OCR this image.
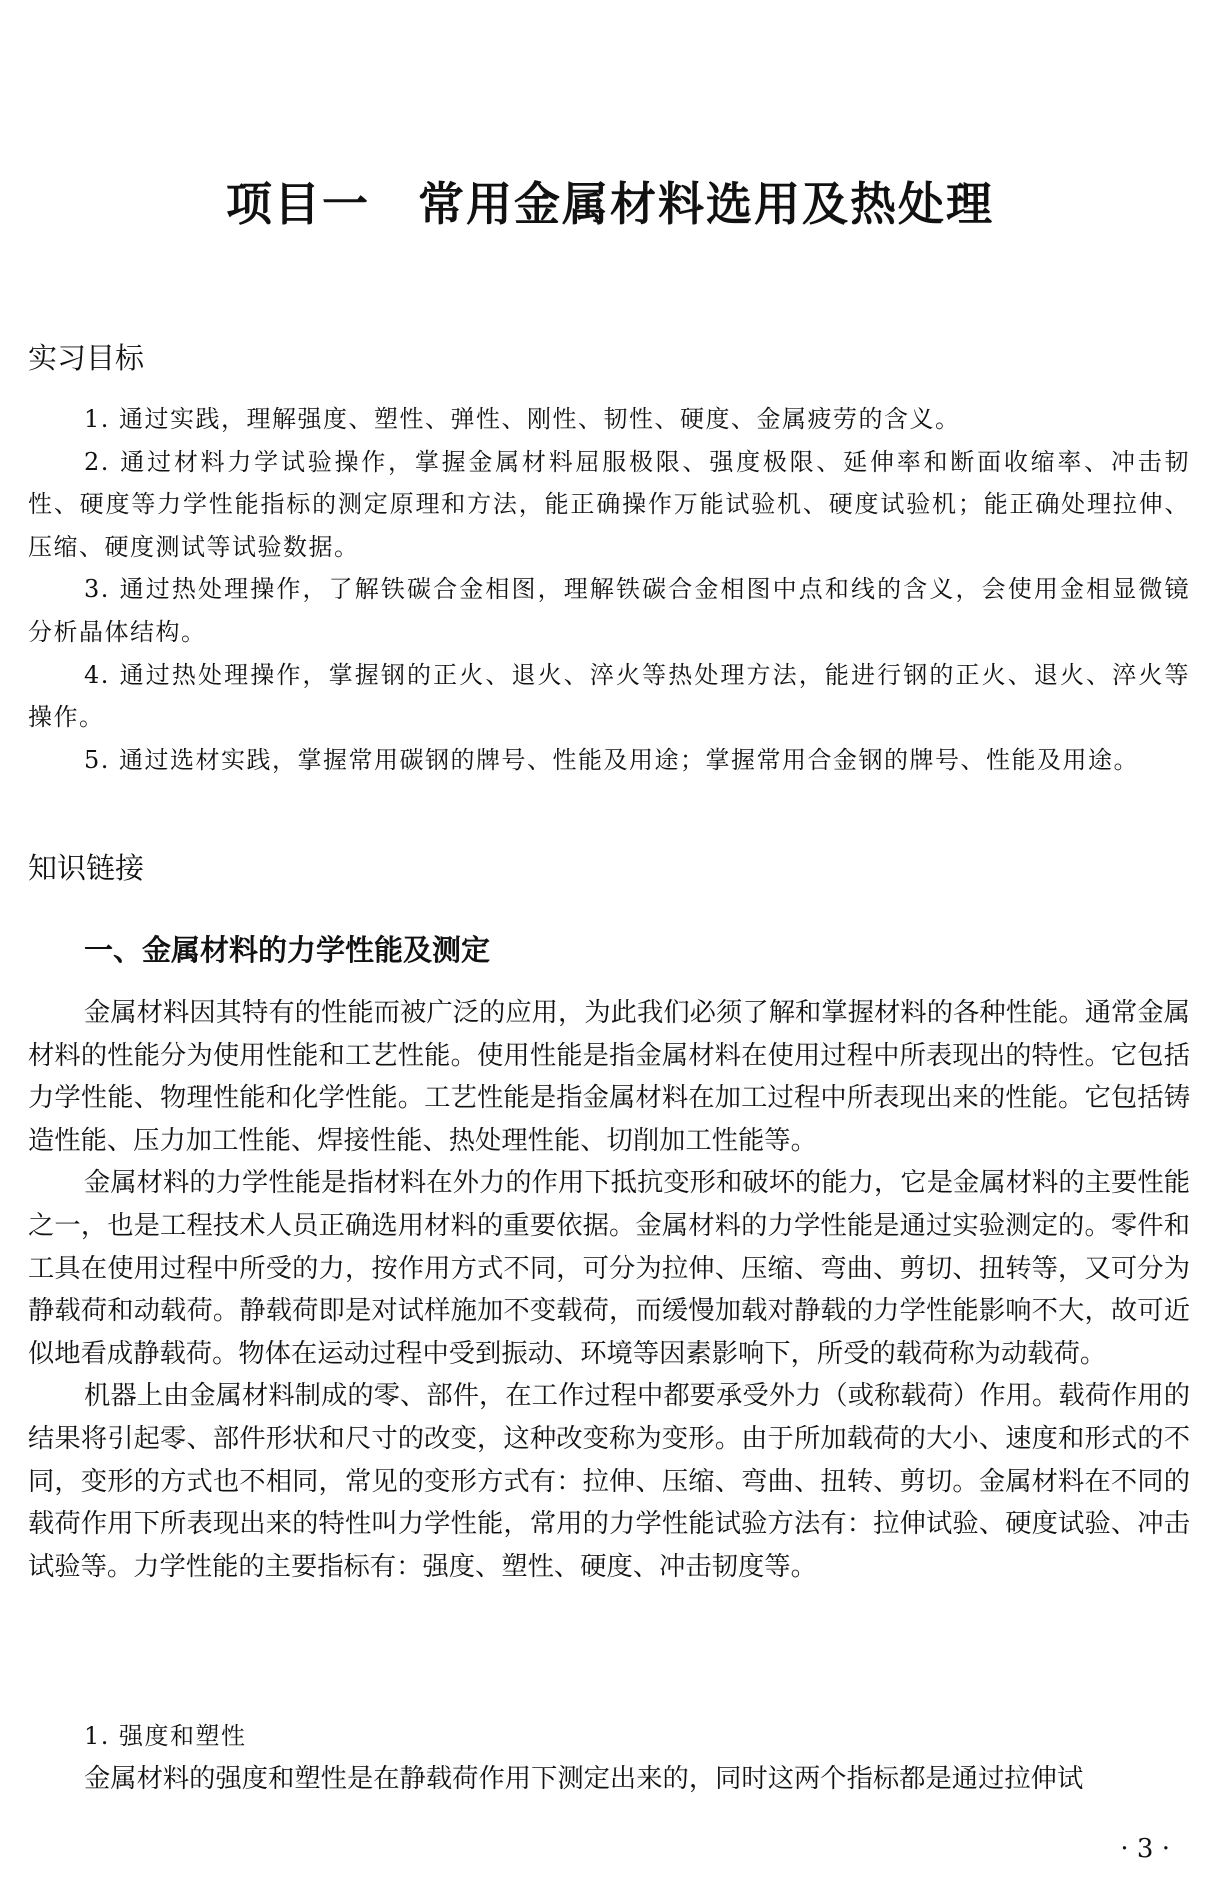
项目一　常用金属材料选用及热处理
实习目标

1. 通过实践，理解强度、塑性、弹性、刚性、韧性、硬度、金属疲劳的含义。

2. 通过材料力学试验操作，掌握金属材料屈服极限、强度极限、延伸率和断面收缩率、冲击韧性、硬度等力学性能指标的测定原理和方法，能正确操作万能试验机、硬度试验机；能正确处理拉伸、压缩、硬度测试等试验数据。

3. 通过热处理操作，了解铁碳合金相图，理解铁碳合金相图中点和线的含义，会使用金相显微镜分析晶体结构。

4. 通过热处理操作，掌握钢的正火、退火、淬火等热处理方法，能进行钢的正火、退火、淬火等操作。

5. 通过选材实践，掌握常用碳钢的牌号、性能及用途；掌握常用合金钢的牌号、性能及用途。

知识链接
一、金属材料的力学性能及测定

金属材料因其特有的性能而被广泛的应用，为此我们必须了解和掌握材料的各种性能。通常金属材料的性能分为使用性能和工艺性能。使用性能是指金属材料在使用过程中所表现出的特性。它包括力学性能、物理性能和化学性能。工艺性能是指金属材料在加工过程中所表现出来的性能。它包括铸造性能、压力加工性能、焊接性能、热处理性能、切削加工性能等。

金属材料的力学性能是指材料在外力的作用下抵抗变形和破坏的能力，它是金属材料的主要性能之一，也是工程技术人员正确选用材料的重要依据。金属材料的力学性能是通过实验测定的。零件和工具在使用过程中所受的力，按作用方式不同，可分为拉伸、压缩、弯曲、剪切、扭转等，又可分为静载荷和动载荷。静载荷即是对试样施加不变载荷，而缓慢加载对静载的力学性能影响不大，故可近似地看成静载荷。物体在运动过程中受到振动、环境等因素影响下，所受的载荷称为动载荷。

机器上由金属材料制成的零、部件，在工作过程中都要承受外力（或称载荷）作用。载荷作用的结果将引起零、部件形状和尺寸的改变，这种改变称为变形。由于所加载荷的大小、速度和形式的不同，变形的方式也不相同，常见的变形方式有：拉伸、压缩、弯曲、扭转、剪切。金属材料在不同的载荷作用下所表现出来的特性叫力学性能，常用的力学性能试验方法有：拉伸试验、硬度试验、冲击试验等。力学性能的主要指标有：强度、塑性、硬度、冲击韧度等。

1. 强度和塑性

金属材料的强度和塑性是在静载荷作用下测定出来的，同时这两个指标都是通过拉伸试

· 3 ·
